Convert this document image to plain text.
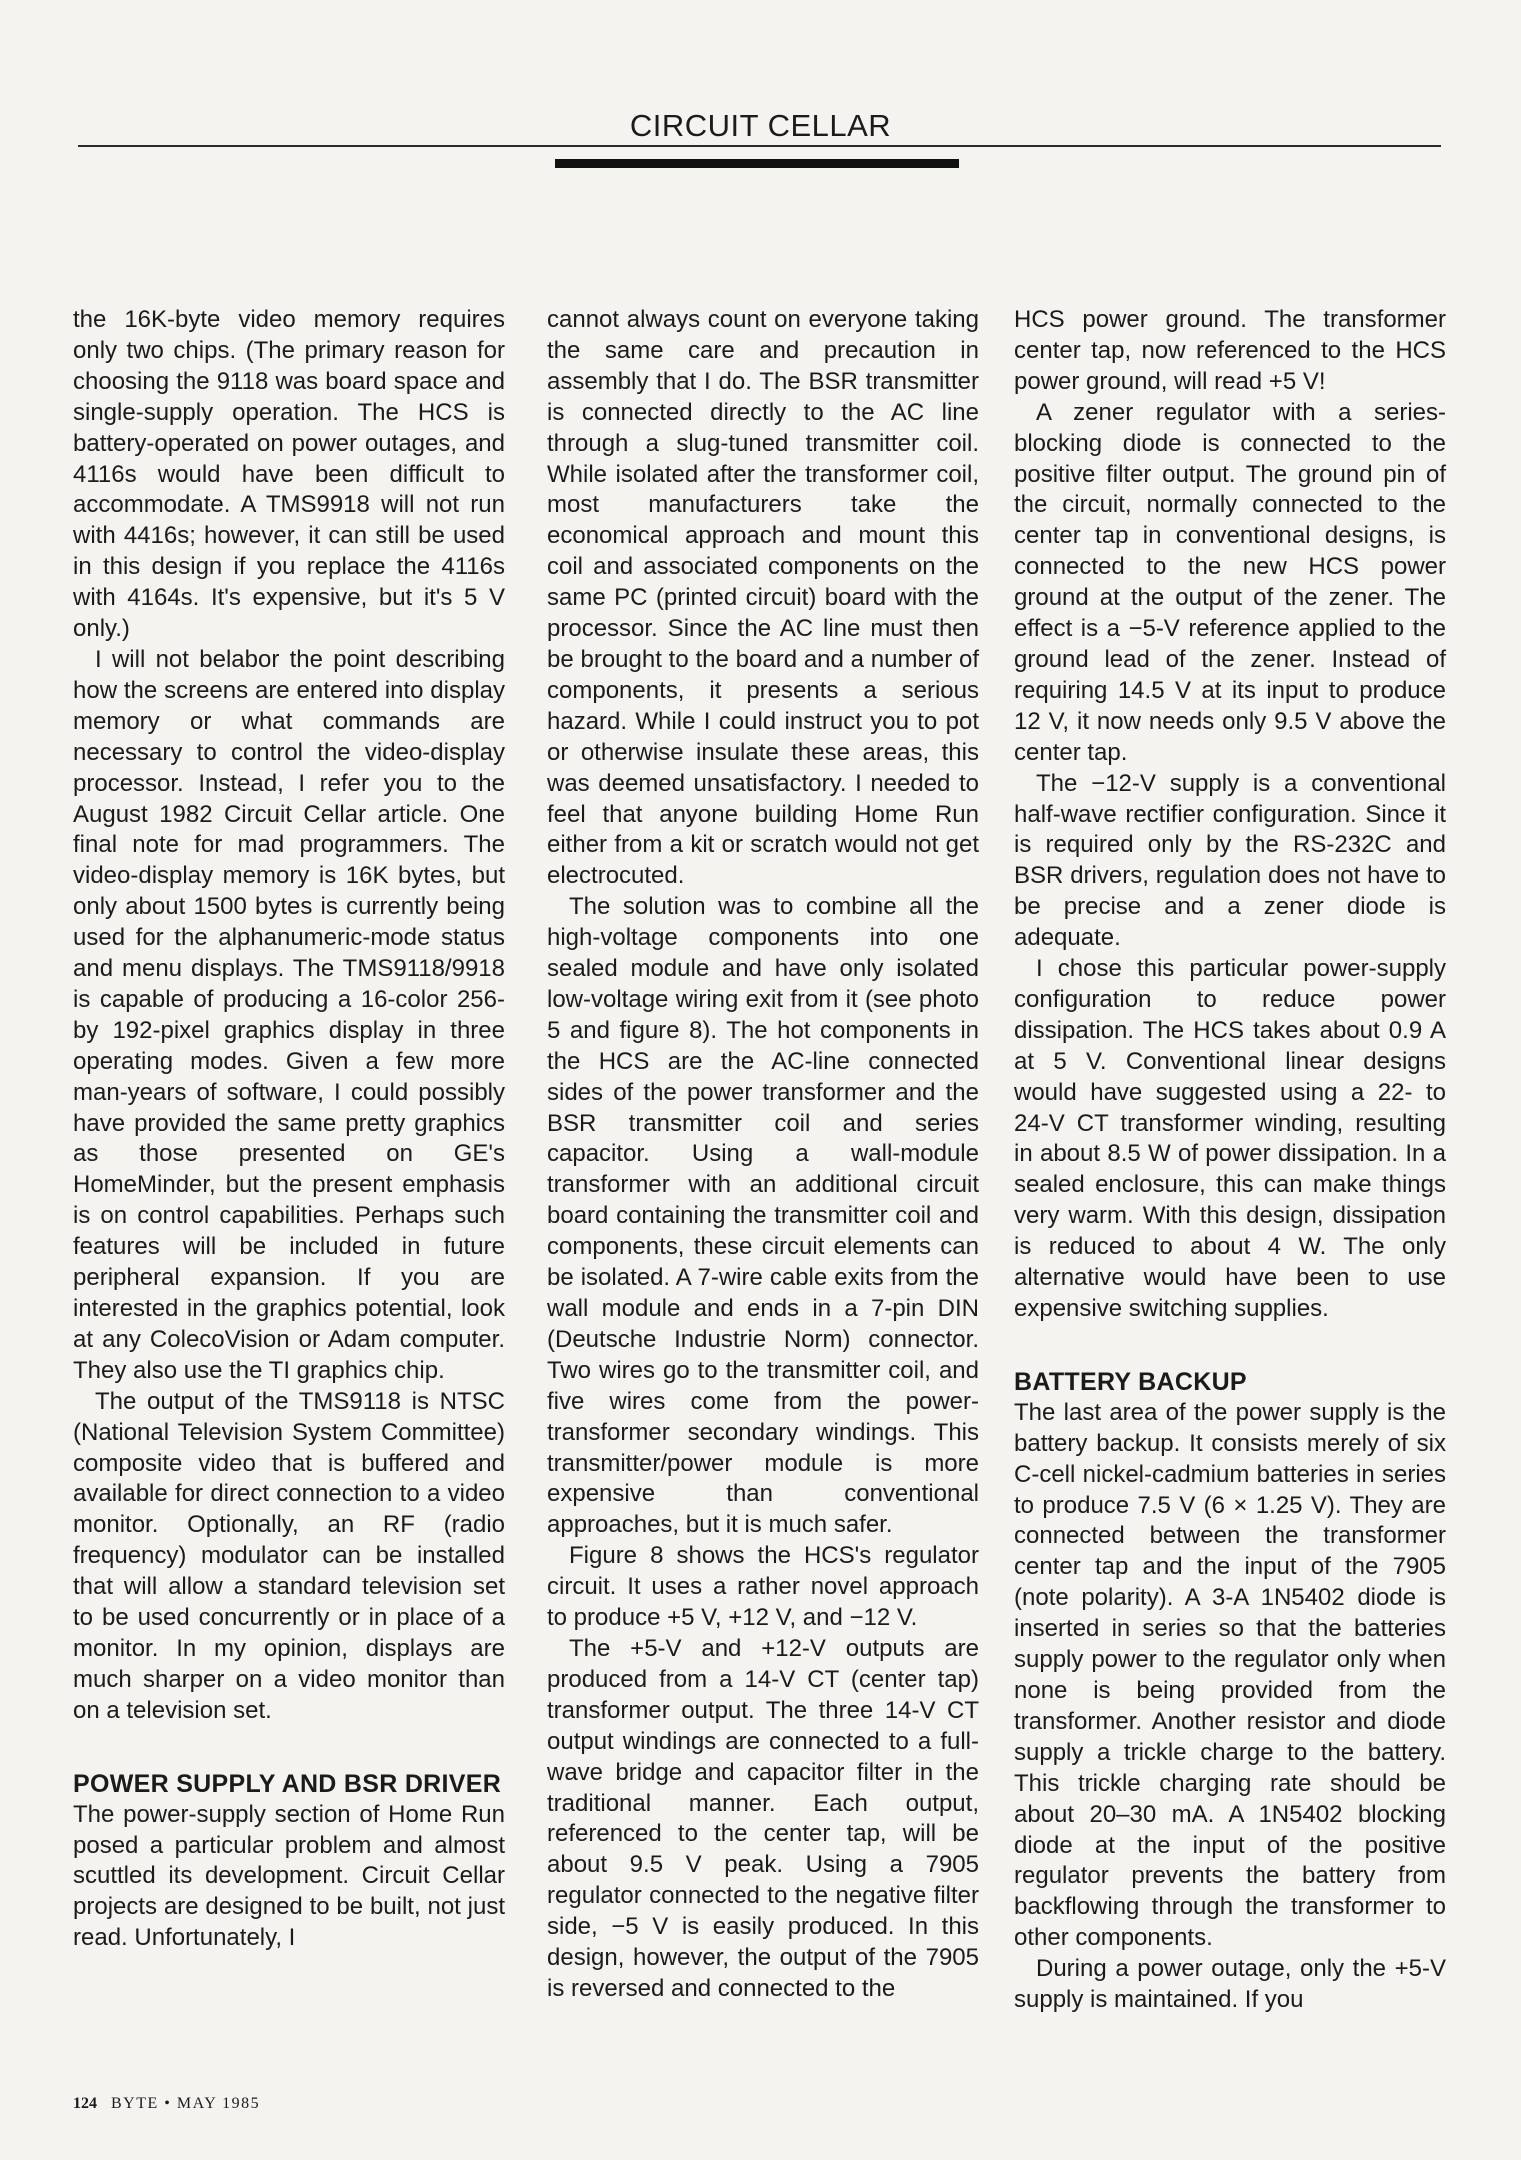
CIRCUIT CELLAR

the 16K-byte video memory requires only two chips. (The primary reason for choosing the 9118 was board space and single-supply operation. The HCS is battery-operated on power outages, and 4116s would have been difficult to accommodate. A TMS9918 will not run with 4416s; however, it can still be used in this design if you replace the 4116s with 4164s. It's expensive, but it's 5 V only.)

I will not belabor the point describing how the screens are entered into display memory or what commands are necessary to control the video-display processor. Instead, I refer you to the August 1982 Circuit Cellar article. One final note for mad programmers. The video-display memory is 16K bytes, but only about 1500 bytes is currently being used for the alphanumeric-mode status and menu displays. The TMS9118/9918 is capable of producing a 16-color 256- by 192-pixel graphics display in three operating modes. Given a few more man-years of software, I could possibly have provided the same pretty graphics as those presented on GE's HomeMinder, but the present emphasis is on control capabilities. Perhaps such features will be included in future peripheral expansion. If you are interested in the graphics potential, look at any ColecoVision or Adam computer. They also use the TI graphics chip.

The output of the TMS9118 is NTSC (National Television System Committee) composite video that is buffered and available for direct connection to a video monitor. Optionally, an RF (radio frequency) modulator can be installed that will allow a standard television set to be used concurrently or in place of a monitor. In my opinion, displays are much sharper on a video monitor than on a television set.

POWER SUPPLY AND BSR DRIVER

The power-supply section of Home Run posed a particular problem and almost scuttled its development. Circuit Cellar projects are designed to be built, not just read. Unfortunately, I

cannot always count on everyone taking the same care and precaution in assembly that I do. The BSR transmitter is connected directly to the AC line through a slug-tuned transmitter coil. While isolated after the transformer coil, most manufacturers take the economical approach and mount this coil and associated components on the same PC (printed circuit) board with the processor. Since the AC line must then be brought to the board and a number of components, it presents a serious hazard. While I could instruct you to pot or otherwise insulate these areas, this was deemed unsatisfactory. I needed to feel that anyone building Home Run either from a kit or scratch would not get electrocuted.

The solution was to combine all the high-voltage components into one sealed module and have only isolated low-voltage wiring exit from it (see photo 5 and figure 8). The hot components in the HCS are the AC-line connected sides of the power transformer and the BSR transmitter coil and series capacitor. Using a wall-module transformer with an additional circuit board containing the transmitter coil and components, these circuit elements can be isolated. A 7-wire cable exits from the wall module and ends in a 7-pin DIN (Deutsche Industrie Norm) connector. Two wires go to the transmitter coil, and five wires come from the power-transformer secondary windings. This transmitter/power module is more expensive than conventional approaches, but it is much safer.

Figure 8 shows the HCS's regulator circuit. It uses a rather novel approach to produce +5 V, +12 V, and −12 V.

The +5-V and +12-V outputs are produced from a 14-V CT (center tap) transformer output. The three 14-V CT output windings are connected to a full-wave bridge and capacitor filter in the traditional manner. Each output, referenced to the center tap, will be about 9.5 V peak. Using a 7905 regulator connected to the negative filter side, −5 V is easily produced. In this design, however, the output of the 7905 is reversed and connected to the

HCS power ground. The transformer center tap, now referenced to the HCS power ground, will read +5 V!

A zener regulator with a series-blocking diode is connected to the positive filter output. The ground pin of the circuit, normally connected to the center tap in conventional designs, is connected to the new HCS power ground at the output of the zener. The effect is a −5-V reference applied to the ground lead of the zener. Instead of requiring 14.5 V at its input to produce 12 V, it now needs only 9.5 V above the center tap.

The −12-V supply is a conventional half-wave rectifier configuration. Since it is required only by the RS-232C and BSR drivers, regulation does not have to be precise and a zener diode is adequate.

I chose this particular power-supply configuration to reduce power dissipation. The HCS takes about 0.9 A at 5 V. Conventional linear designs would have suggested using a 22- to 24-V CT transformer winding, resulting in about 8.5 W of power dissipation. In a sealed enclosure, this can make things very warm. With this design, dissipation is reduced to about 4 W. The only alternative would have been to use expensive switching supplies.

BATTERY BACKUP

The last area of the power supply is the battery backup. It consists merely of six C-cell nickel-cadmium batteries in series to produce 7.5 V (6 × 1.25 V). They are connected between the transformer center tap and the input of the 7905 (note polarity). A 3-A 1N5402 diode is inserted in series so that the batteries supply power to the regulator only when none is being provided from the transformer. Another resistor and diode supply a trickle charge to the battery. This trickle charging rate should be about 20–30 mA. A 1N5402 blocking diode at the input of the positive regulator prevents the battery from backflowing through the transformer to other components.

During a power outage, only the +5-V supply is maintained. If you

124 BYTE • MAY 1985
